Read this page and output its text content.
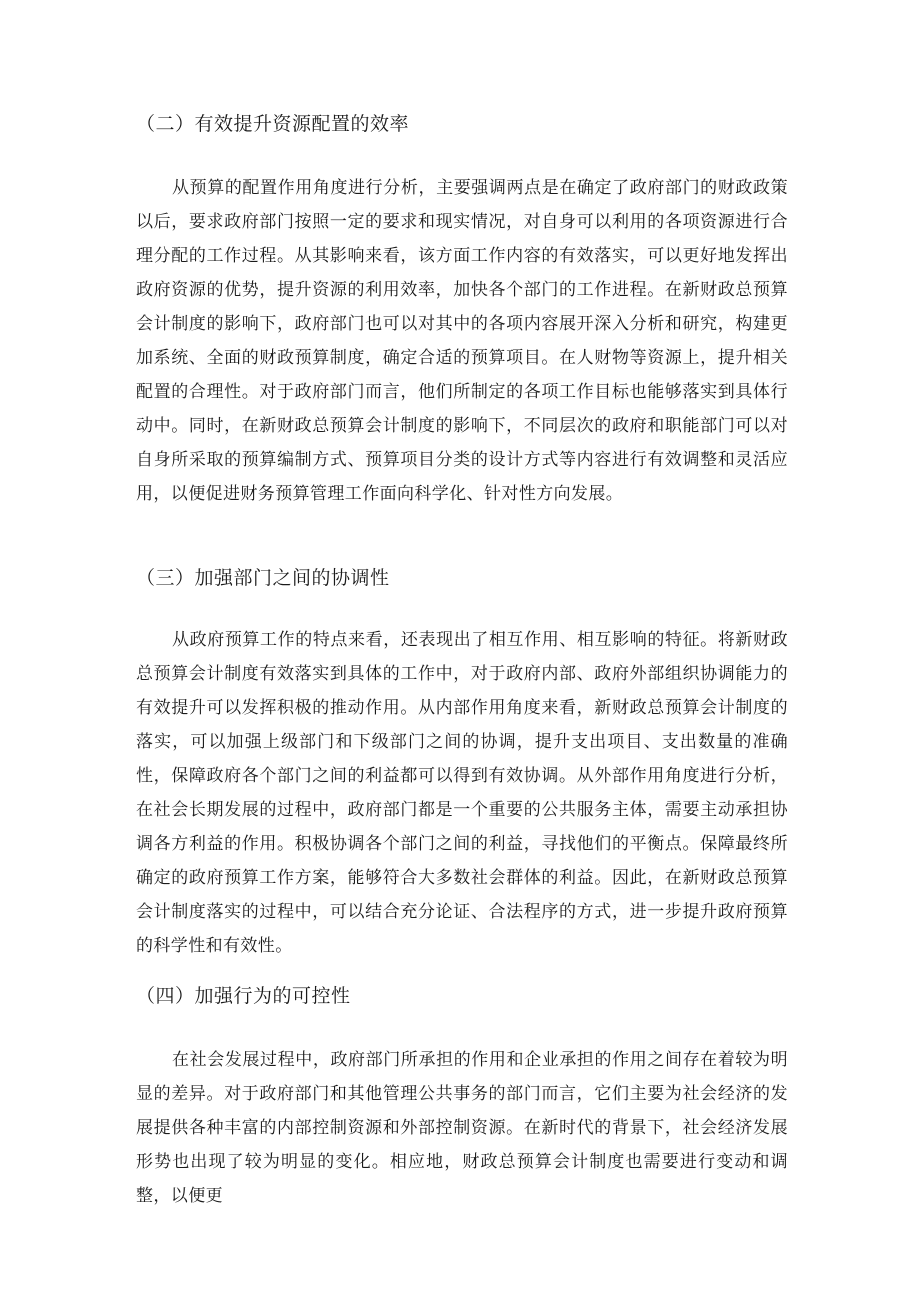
（二）有效提升资源配置的效率
从预算的配置作用角度进行分析，主要强调两点是在确定了政府部门的财政政策以后，要求政府部门按照一定的要求和现实情况，对自身可以利用的各项资源进行合理分配的工作过程。从其影响来看，该方面工作内容的有效落实，可以更好地发挥出政府资源的优势，提升资源的利用效率，加快各个部门的工作进程。在新财政总预算会计制度的影响下，政府部门也可以对其中的各项内容展开深入分析和研究，构建更加系统、全面的财政预算制度，确定合适的预算项目。在人财物等资源上，提升相关配置的合理性。对于政府部门而言，他们所制定的各项工作目标也能够落实到具体行动中。同时，在新财政总预算会计制度的影响下，不同层次的政府和职能部门可以对自身所采取的预算编制方式、预算项目分类的设计方式等内容进行有效调整和灵活应用，以便促进财务预算管理工作面向科学化、针对性方向发展。
（三）加强部门之间的协调性
从政府预算工作的特点来看，还表现出了相互作用、相互影响的特征。将新财政总预算会计制度有效落实到具体的工作中，对于政府内部、政府外部组织协调能力的有效提升可以发挥积极的推动作用。从内部作用角度来看，新财政总预算会计制度的落实，可以加强上级部门和下级部门之间的协调，提升支出项目、支出数量的准确性，保障政府各个部门之间的利益都可以得到有效协调。从外部作用角度进行分析，在社会长期发展的过程中，政府部门都是一个重要的公共服务主体，需要主动承担协调各方利益的作用。积极协调各个部门之间的利益，寻找他们的平衡点。保障最终所确定的政府预算工作方案，能够符合大多数社会群体的利益。因此，在新财政总预算会计制度落实的过程中，可以结合充分论证、合法程序的方式，进一步提升政府预算的科学性和有效性。
（四）加强行为的可控性
在社会发展过程中，政府部门所承担的作用和企业承担的作用之间存在着较为明显的差异。对于政府部门和其他管理公共事务的部门而言，它们主要为社会经济的发展提供各种丰富的内部控制资源和外部控制资源。在新时代的背景下，社会经济发展形势也出现了较为明显的变化。相应地，财政总预算会计制度也需要进行变动和调整，以便更
